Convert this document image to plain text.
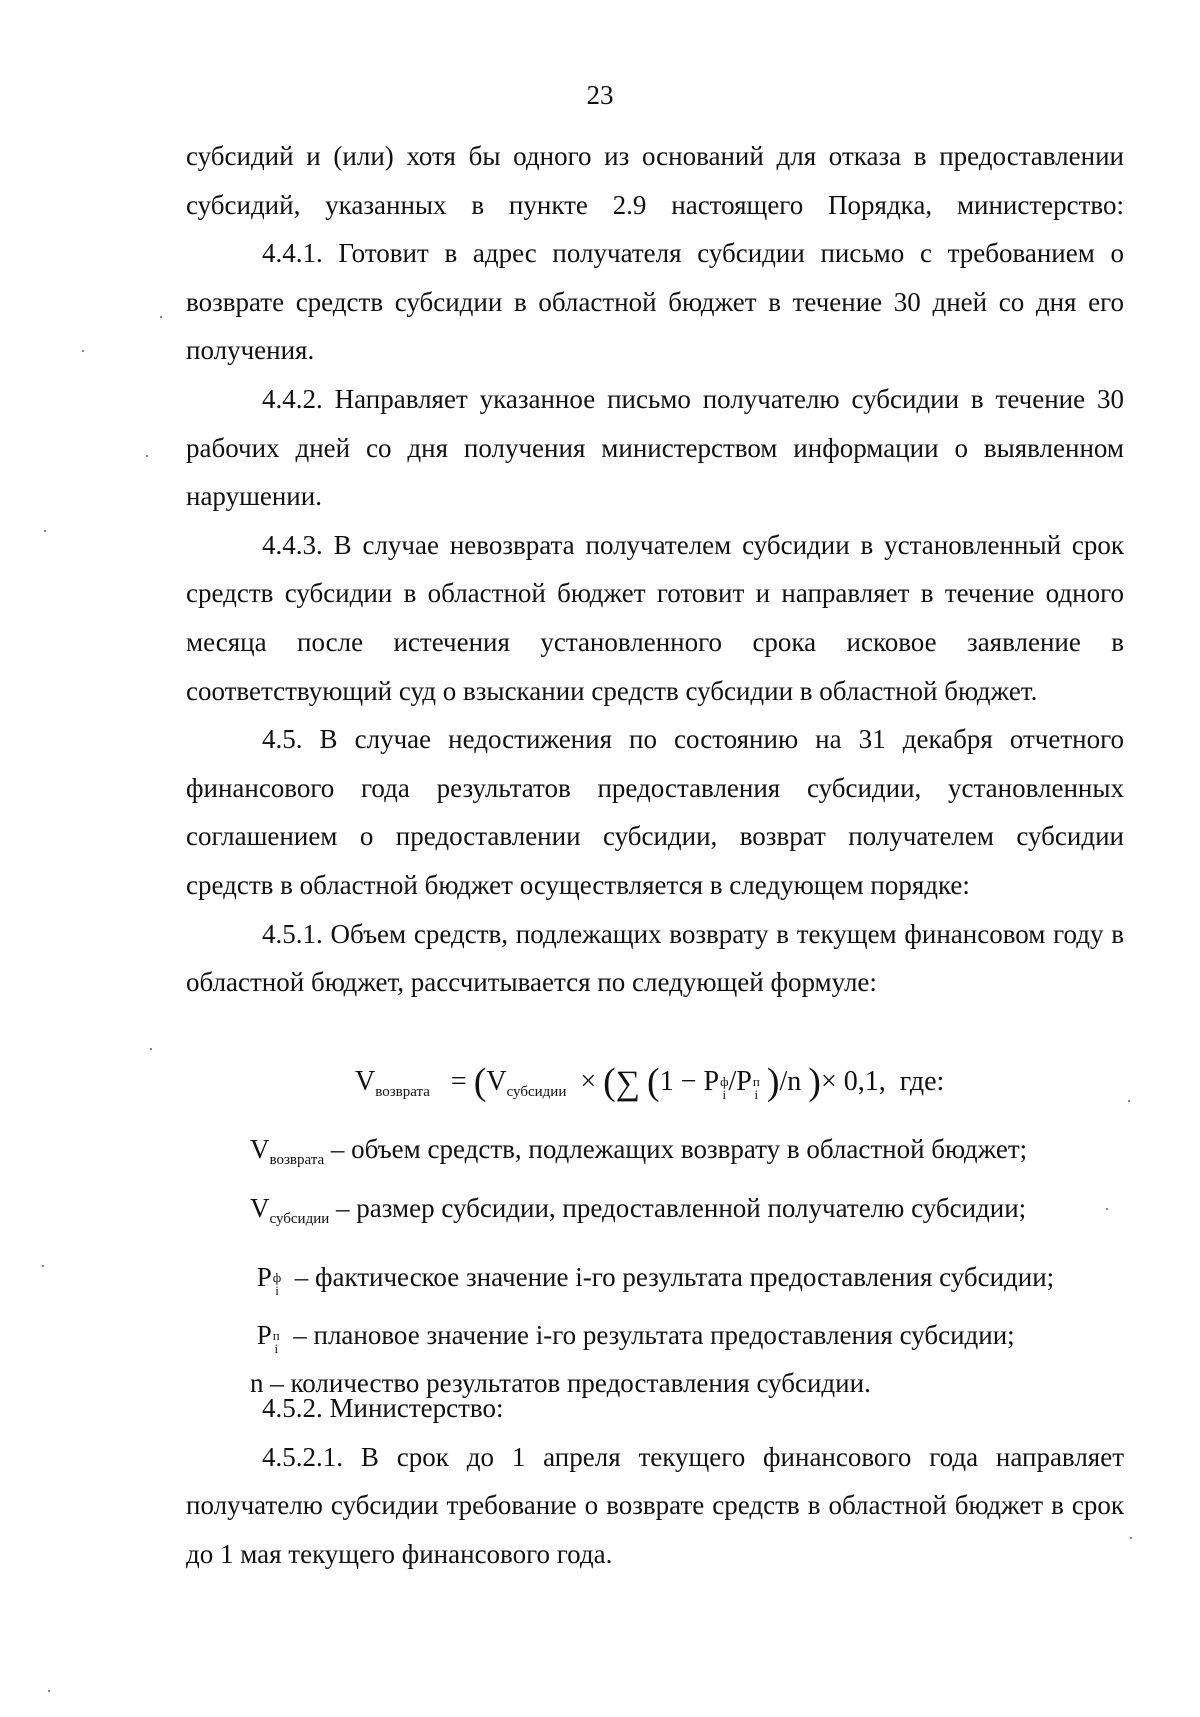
23

субсидий и (или) хотя бы одного из оснований для отказа в предоставлении субсидий, указанных в пункте 2.9 настоящего Порядка, министерство:

4.4.1. Готовит в адрес получателя субсидии письмо с требованием о возврате средств субсидии в областной бюджет в течение 30 дней со дня его получения.

4.4.2. Направляет указанное письмо получателю субсидии в течение 30 рабочих дней со дня получения министерством информации о выявленном нарушении.

4.4.3. В случае невозврата получателем субсидии в установленный срок средств субсидии в областной бюджет готовит и направляет в течение одного месяца после истечения установленного срока исковое заявление в соответствующий суд о взыскании средств субсидии в областной бюджет.

4.5. В случае недостижения по состоянию на 31 декабря отчетного финансового года результатов предоставления субсидии, установленных соглашением о предоставлении субсидии, возврат получателем субсидии средств в областной бюджет осуществляется в следующем порядке:

4.5.1. Объем средств, подлежащих возврату в текущем финансовом году в областной бюджет, рассчитывается по следующей формуле:

$V_{возврата} = (V_{субсидии}$ × (∑ (1 − P ф
i /P п
i )/n )× 0,1, где:
$V_{возврата}$ – объем средств, подлежащих возврату в областной бюджет;
$V_{субсидии}$ – размер субсидии, предоставленной получателю субсидии;
P ф
i – фактическое значение i-го результата предоставления субсидии;
P п
i – плановое значение i-го результата предоставления субсидии;
n – количество результатов предоставления субсидии.

4.5.2. Министерство:

4.5.2.1. В срок до 1 апреля текущего финансового года направляет получателю субсидии требование о возврате средств в областной бюджет в срок до 1 мая текущего финансового года.
